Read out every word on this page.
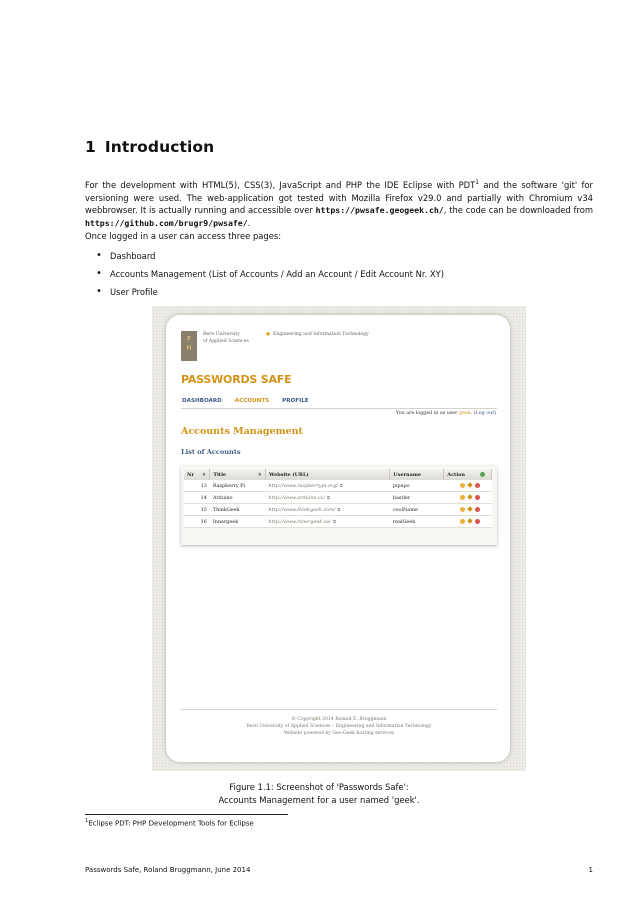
1 Introduction

For the development with HTML(5), CSS(3), JavaScript and PHP the IDE Eclipse with PDT$^1$ and the software 'git' for versioning were used. The web-application got tested with Mozilla Firefox v29.0 and partially with Chromium v34 webbrowser. It is actually running and accessible over https://pwsafe.geogeek.ch/, the code can be downloaded from https://github.com/brugr9/pwsafe/.

Once logged in a user can access three pages:

• Dashboard
• Accounts Management (List of Accounts / Add an Account / Edit Account Nr. XY)
• User Profile
F
H
Bern University
of Applied Sciences
● Engineering and Information Technology
PASSWORDS SAFE
DASHBOARD ACCOUNTS PROFILE
You are logged in as user geek. (Log out)
Accounts Management
List of Accounts
Nr ♦	Title ♦	Website (URL)	Username	Action
13	Raspberry Pi	http://www.raspberrypi.org/ ⧉	pipapo	
14	Arduino	http://www.arduino.cc/ ⧉	bastler	
15	ThinkGeek	http://www.thinkgeek.com/ ⧉	coolName	
16	Innergeek	http://www.innergeek.us/ ⧉	realGeek	
© Copyright 2014 Roland E. Bruggmann
Bern University of Applied Sciences – Engineering and Information Technology
Website powered by Geo-Geek hosting services

Figure 1.1: Screenshot of 'Passwords Safe':
Accounts Management for a user named 'geek'.

$^1$Eclipse PDT: PHP Development Tools for Eclipse

Passwords Safe, Roland Bruggmann, June 2014	1
